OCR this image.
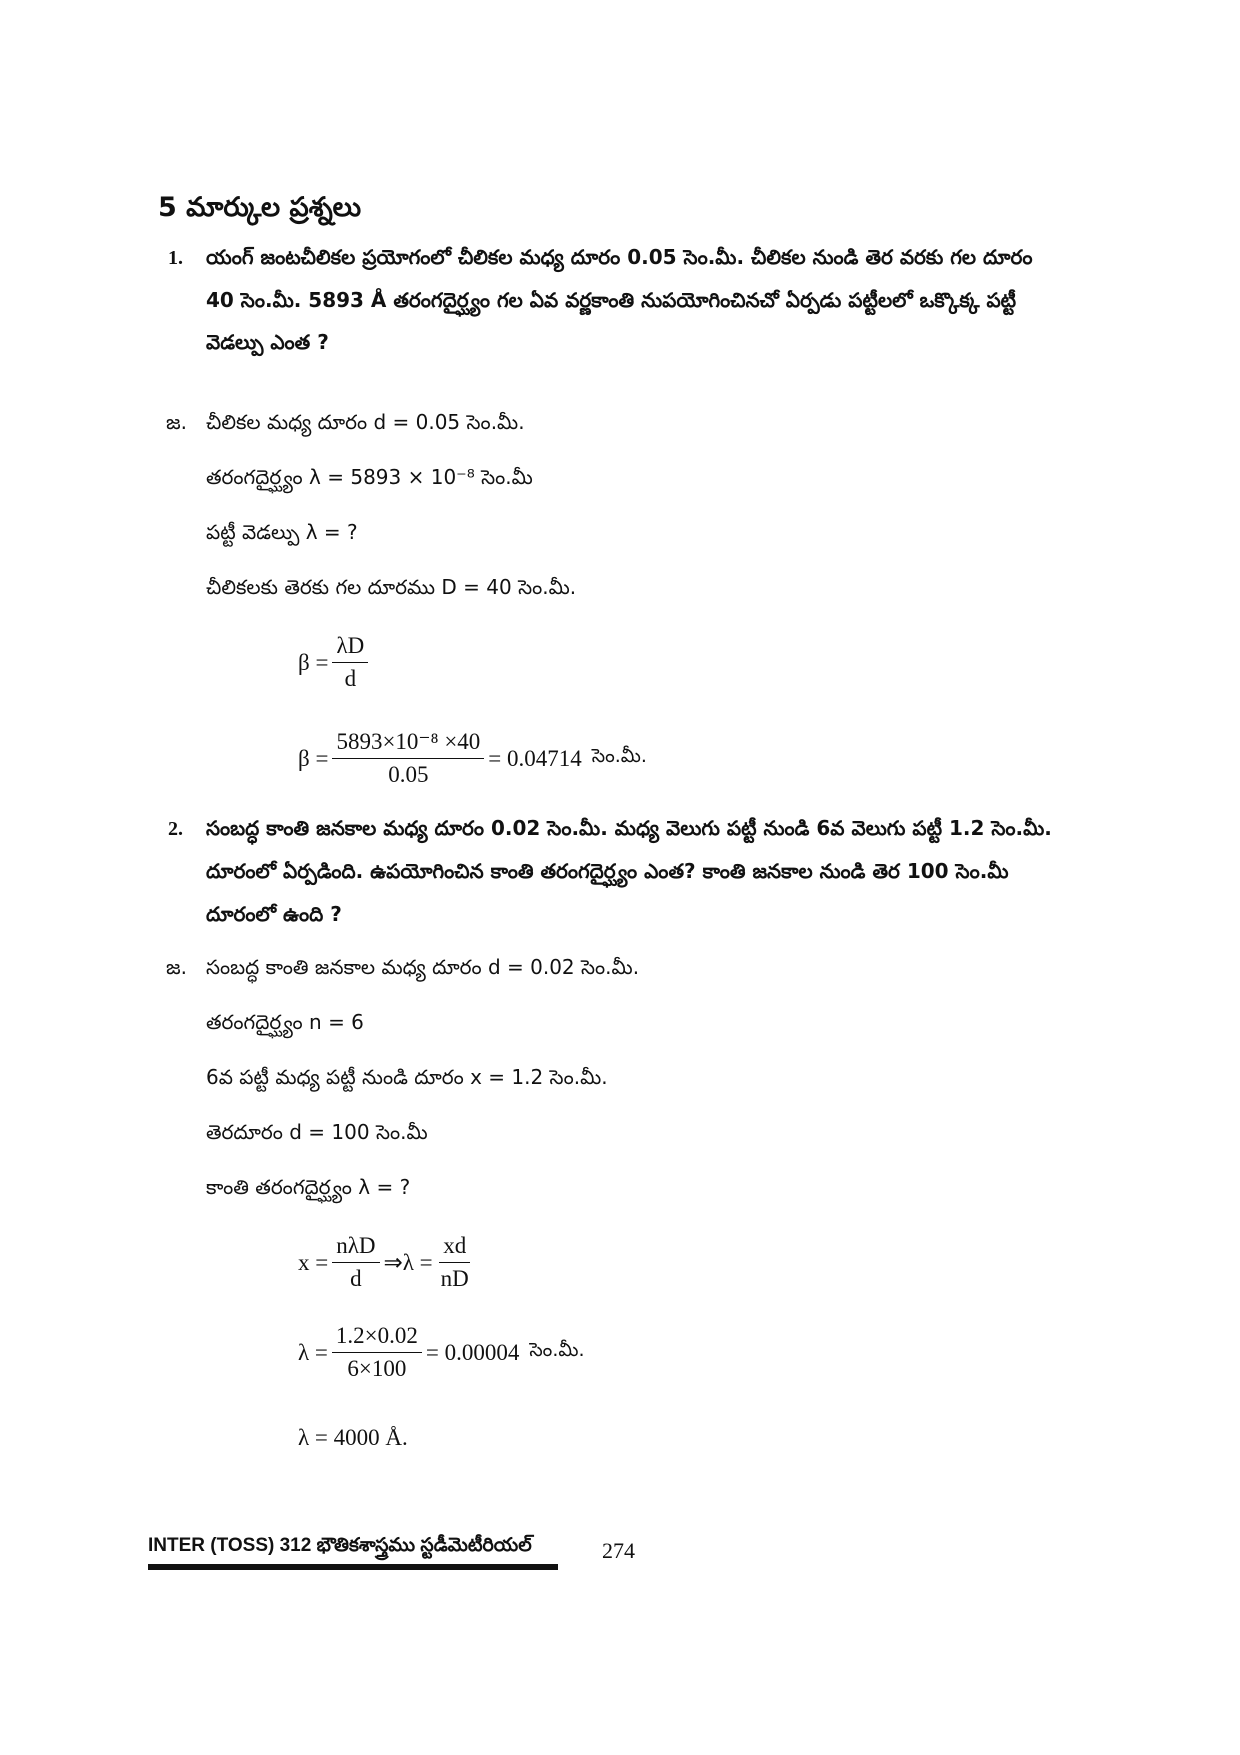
5 మార్కుల ప్రశ్నలు
1. యంగ్ జంటచీలికల ప్రయోగంలో చీలికల మధ్య దూరం 0.05 సెం.మీ. చీలికల నుండి తెర వరకు గల దూరం
40 సెం.మీ. 5893 Å తరంగదైర్ఘ్యం గల ఏవ వర్ణకాంతి నుపయోగించినచో ఏర్పడు పట్టీలలో ఒక్కొక్క పట్టీ
వెడల్పు ఎంత ?
జ. చీలికల మధ్య దూరం d = 0.05 సెం.మీ.
తరంగదైర్ఘ్యం λ = 5893 × 10⁻⁸ సెం.మీ
పట్టీ వెడల్పు λ = ?
చీలికలకు తెరకు గల దూరము D = 40 సెం.మీ.
$\beta = \frac{\lambda D}{d}$
$\beta = \frac{\text{5893×10⁻⁸ ×40}}{0.05} = 0.04714$ సెం.మీ.
2. సంబద్ధ కాంతి జనకాల మధ్య దూరం 0.02 సెం.మీ. మధ్య వెలుగు పట్టీ నుండి 6వ వెలుగు పట్టీ 1.2 సెం.మీ.
దూరంలో ఏర్పడింది. ఉపయోగించిన కాంతి తరంగదైర్ఘ్యం ఎంత? కాంతి జనకాల నుండి తెర 100 సెం.మీ
దూరంలో ఉంది ?
జ. సంబద్ధ కాంతి జనకాల మధ్య దూరం d = 0.02 సెం.మీ.
తరంగదైర్ఘ్యం n = 6
6వ పట్టీ మధ్య పట్టీ నుండి దూరం x = 1.2 సెం.మీ.
తెరదూరం d = 100 సెం.మీ
కాంతి తరంగదైర్ఘ్యం λ = ?
$x = \frac{\text{nλD}}{d}$ ⇒λ = $\frac{xd}{nD}$
$\lambda = \frac{1.2\times 0.02}{6\times 100} = 0.00004$ సెం.మీ.
λ = 4000 Å.
INTER (TOSS) 312 భౌతికశాస్త్రము స్టడీమెటీరియల్	274
